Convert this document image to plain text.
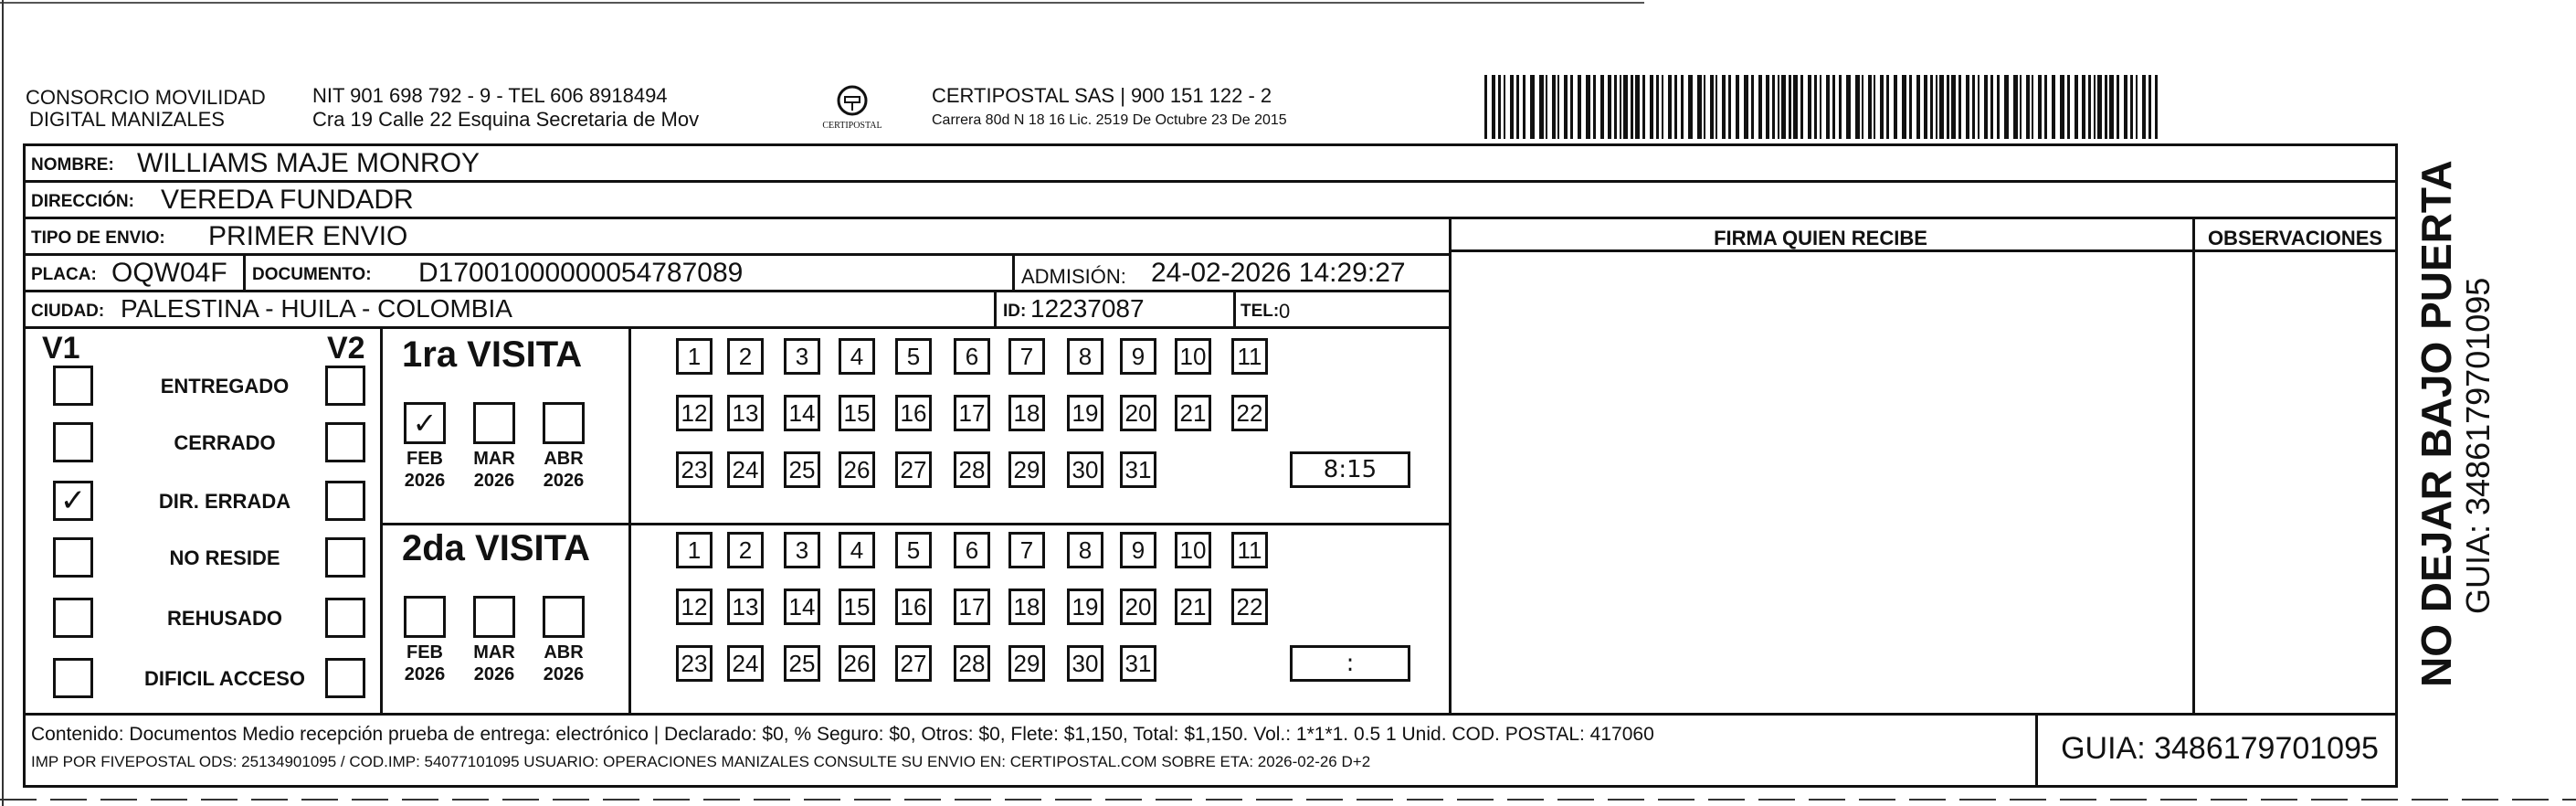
CONSORCIO MOVILIDAD
DIGITAL MANIZALES
NIT 901 698 792 - 9 - TEL 606 8918494
Cra 19 Calle 22 Esquina Secretaria de Mov	CERTIPOSTAL
CERTIPOSTAL SAS | 900 151 122 - 2
Carrera 80d N 18 16 Lic. 2519 De Octubre 23 De 2015
NOMBRE: WILLIAMS MAJE MONROY
DIRECCIÓN: VEREDA FUNDADR
TIPO DE ENVIO: PRIMER ENVIO
PLACA: OQW04F DOCUMENTO: D17001000000054787089	ADMISIÓN: 24-02-2026 14:29:27
CIUDAD: PALESTINA - HUILA - COLOMBIA	ID: 12237087	TEL: 0
FIRMA QUIEN RECIBE	OBSERVACIONES
V1	V2
ENTREGADO
CERRADO
✓	DIR. ERRADA
NO RESIDE
REHUSADO
DIFICIL ACCESO
1ra VISITA
✓
FEB
2026
MAR
2026
ABR
2026
1	2	3	4	5	6	7	8	9	10 11
12 13 14 15 16 17 18 19 20 21 22
23 24 25 26 27 28 29 30 31	8:15
2da VISITA
FEB
2026
MAR
2026
ABR
2026
1	2	3	4	5	6	7	8	9	10 11
12 13 14 15 16 17 18 19 20 21 22
23 24 25 26 27 28 29 30 31	:
Contenido: Documentos Medio recepción prueba de entrega: electrónico | Declarado: $0, % Seguro: $0, Otros: $0, Flete: $1,150, Total: $1,150. Vol.: 1*1*1. 0.5 1 Unid. COD. POSTAL: 417060
IMP POR FIVEPOSTAL ODS: 25134901095 / COD.IMP: 54077101095 USUARIO: OPERACIONES MANIZALES CONSULTE SU ENVIO EN: CERTIPOSTAL.COM SOBRE ETA: 2026-02-26 D+2	GUIA: 3486179701095
NO DEJAR BAJO PUERTA GUIA: 3486179701095
